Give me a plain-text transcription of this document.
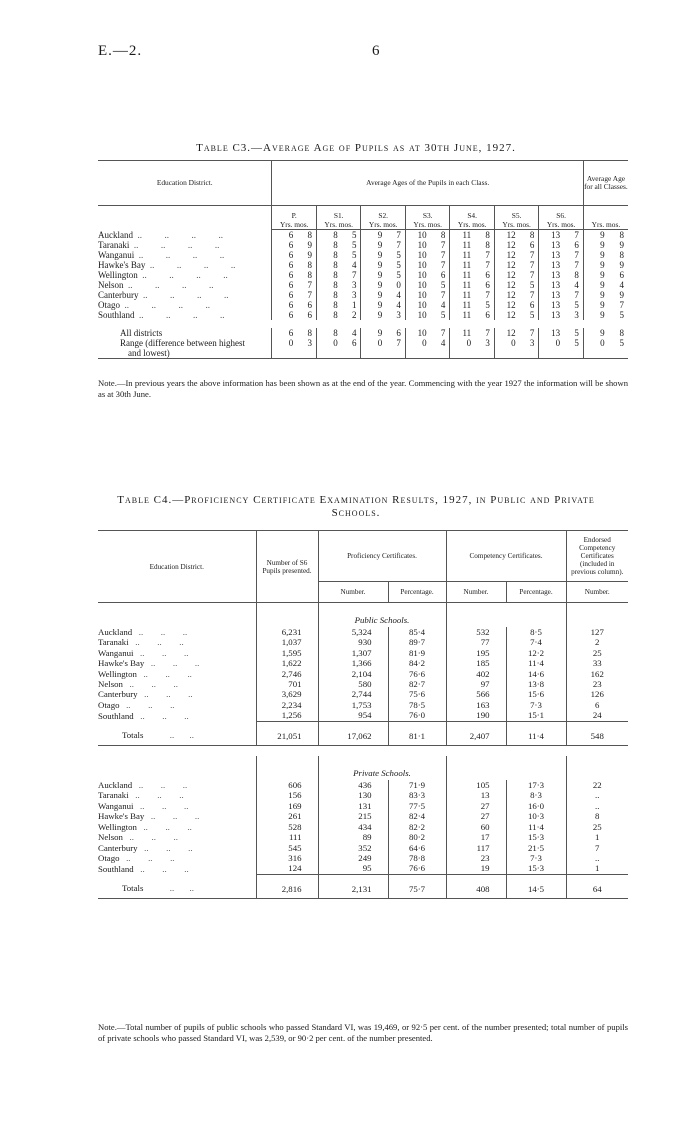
E.—2.	6
Table C3.—Average Age of Pupils as at 30th June, 1927.
Education District.	Average Ages of the Pupils in each Class.														Average Age for all Classes.	
	P.		S1.		S2.		S3.		S4.		S5.		S6.			
	Yrs. mos.		Yrs. mos.		Yrs. mos.		Yrs. mos.		Yrs. mos.		Yrs. mos.		Yrs. mos.		Yrs. mos.	
Auckland  ..          ..          ..          ..	6	8	8	5	9	7	10	8	11	8	12	8	13	7	9	8
Taranaki  ..          ..          ..          ..	6	9	8	5	9	7	10	7	11	8	12	6	13	6	9	9
Wanganui  ..          ..          ..          ..	6	9	8	5	9	5	10	7	11	7	12	7	13	7	9	8
Hawke's Bay  ..          ..          ..          ..	6	8	8	4	9	5	10	7	11	7	12	7	13	7	9	9
Wellington  ..          ..          ..          ..	6	8	8	7	9	5	10	6	11	6	12	7	13	8	9	6
Nelson  ..          ..          ..          ..	6	7	8	3	9	0	10	5	11	6	12	5	13	4	9	4
Canterbury  ..          ..          ..          ..	6	7	8	3	9	4	10	7	11	7	12	7	13	7	9	9
Otago  ..          ..          ..          ..	6	6	8	1	9	4	10	4	11	5	12	6	13	5	9	7
Southland  ..          ..          ..          ..	6	6	8	2	9	3	10	5	11	6	12	5	13	3	9	5

All districts	6	8	8	4	9	6	10	7	11	7	12	7	13	5	9	8

Range (difference between highest
and lowest)	0	3	0	6	0	7	0	4	0	3	0	3	0	5	0	5
Note.—In previous years the above information has been shown as at the end of the year. Commencing with the year 1927 the information will be shown as at 30th June.
Table C4.—Proficiency Certificate Examination Results, 1927, in Public and Private
Schools.
Education District.	Number of S6 Pupils presented.	Proficiency Certificates.		Competency Certificates.		Endorsed Competency Certificates (included in previous column).
		Number.	Percentage.	Number.	Percentage.	Number.
		Public Schools.				
Auckland   ..        ..        ..	6,231	5,324	85·4	532	8·5	127
Taranaki   ..        ..        ..	1,037	930	89·7	77	7·4	2
Wanganui   ..        ..        ..	1,595	1,307	81·9	195	12·2	25
Hawke's Bay   ..        ..        ..	1,622	1,366	84·2	185	11·4	33
Wellington   ..        ..        ..	2,746	2,104	76·6	402	14·6	162
Nelson   ..        ..        ..	701	580	82·7	97	13·8	23
Canterbury   ..        ..        ..	3,629	2,744	75·6	566	15·6	126
Otago   ..        ..        ..	2,234	1,753	78·5	163	7·3	6
Southland   ..        ..        ..	1,256	954	76·0	190	15·1	24
Totals            ..       ..	21,051	17,062	81·1	2,407	11·4	548

		Private Schools.				
Auckland   ..        ..        ..	606	436	71·9	105	17·3	22
Taranaki   ..        ..        ..	156	130	83·3	13	8·3	..
Wanganui   ..        ..        ..	169	131	77·5	27	16·0	..
Hawke's Bay   ..        ..        ..	261	215	82·4	27	10·3	8
Wellington   ..        ..        ..	528	434	82·2	60	11·4	25
Nelson   ..        ..        ..	111	89	80·2	17	15·3	1
Canterbury   ..        ..        ..	545	352	64·6	117	21·5	7
Otago   ..        ..        ..	316	249	78·8	23	7·3	..
Southland   ..        ..        ..	124	95	76·6	19	15·3	1
Totals            ..       ..	2,816	2,131	75·7	408	14·5	64
Note.—Total number of pupils of public schools who passed Standard VI, was 19,469, or 92·5 per cent. of the number presented; total number of pupils of private schools who passed Standard VI, was 2,539, or 90·2 per cent. of the number presented.
